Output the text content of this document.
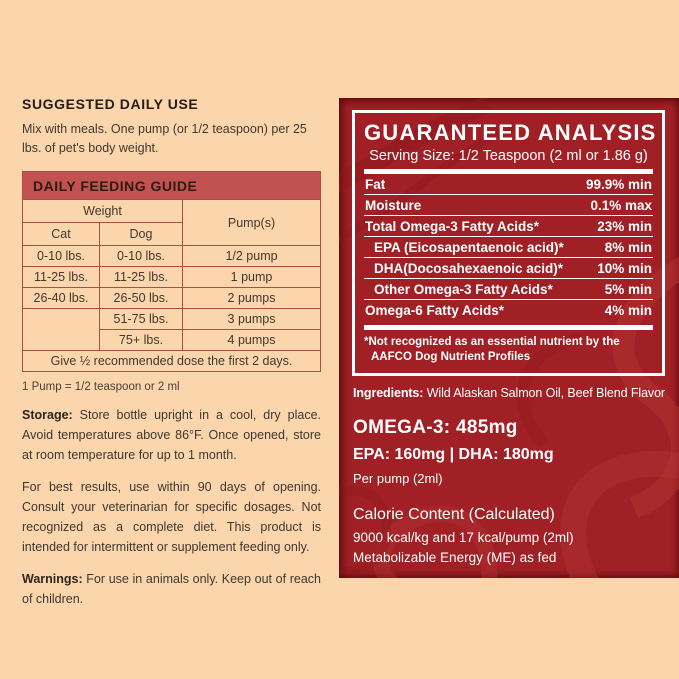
SUGGESTED DAILY USE

Mix with meals. One pump (or 1/2 teaspoon) per 25 lbs. of pet's body weight.

DAILY FEEDING GUIDE
Weight		Pump(s)
Cat	Dog	
0-10 lbs.	0-10 lbs.	1/2 pump
11-25 lbs.	11-25 lbs.	1 pump
26-40 lbs.	26-50 lbs.	2 pumps
	51-75 lbs.	3 pumps
	75+ lbs.	4 pumps
Give ½ recommended dose the first 2 days.		
1 Pump = 1/2 teaspoon or 2 ml

Storage: Store bottle upright in a cool, dry place. Avoid temperatures above 86°F. Once opened, store at room temperature for up to 1 month.

For best results, use within 90 days of opening. Consult your veterinarian for specific dosages. Not recognized as a complete diet. This product is intended for intermittent or supplement feeding only.

Warnings: For use in animals only. Keep out of reach of children.

GUARANTEED ANALYSIS
Serving Size: 1/2 Teaspoon (2 ml or 1.86 g)
Fat	99.9% min
Moisture	0.1% max
Total Omega-3 Fatty Acids*	23% min
EPA (Eicosapentaenoic acid)*	8% min
DHA(Docosahexaenoic acid)*	10% min
Other Omega-3 Fatty Acids*	5% min
Omega-6 Fatty Acids*	4% min
*Not recognized as an essential nutrient by the AAFCO Dog Nutrient Profiles
Ingredients: Wild Alaskan Salmon Oil, Beef Blend Flavor
OMEGA-3: 485mg
EPA: 160mg | DHA: 180mg
Per pump (2ml)
Calorie Content (Calculated)
9000 kcal/kg and 17 kcal/pump (2ml)
Metabolizable Energy (ME) as fed
